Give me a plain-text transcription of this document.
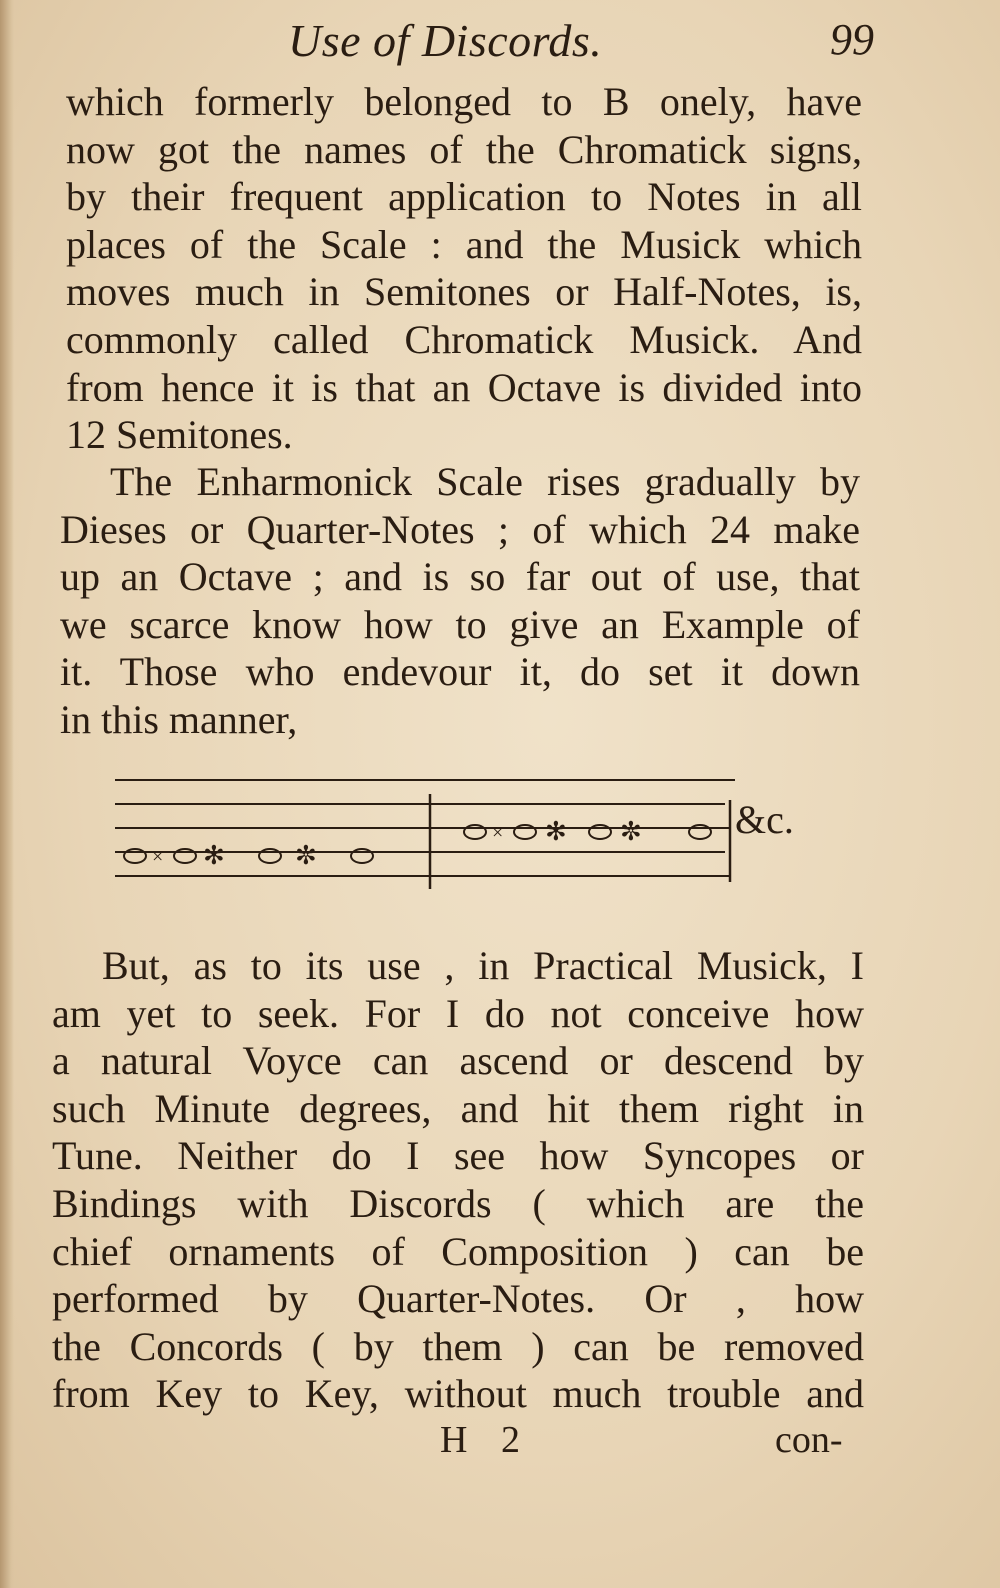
Use of Discords.	99
which formerly belonged to B onely, have
now got the names of the Chromatick signs,
by their frequent application to Notes in all
places of the Scale : and the Musick which
moves much in Semitones or Half-Notes, is,
commonly called Chromatick Musick. And
from hence it is that an Octave is divided into
12 Semitones.
The Enharmonick Scale rises gradually by
Dieses or Quarter-Notes ; of which 24 make
up an Octave ; and is so far out of use, that
we scarce know how to give an Example of
it. Those who endevour it, do set it down
in this manner,
× ✻	✼
× ✻ ✼ &c.
But, as to its use , in Practical Musick, I
am yet to seek. For I do not conceive how
a natural Voyce can ascend or descend by
such Minute degrees, and hit them right in
Tune. Neither do I see how Syncopes or
Bindings with Discords ( which are the
chief ornaments of Composition ) can be
performed by Quarter-Notes. Or , how
the Concords ( by them ) can be removed
from Key to Key, without much trouble and
H 2	con-
